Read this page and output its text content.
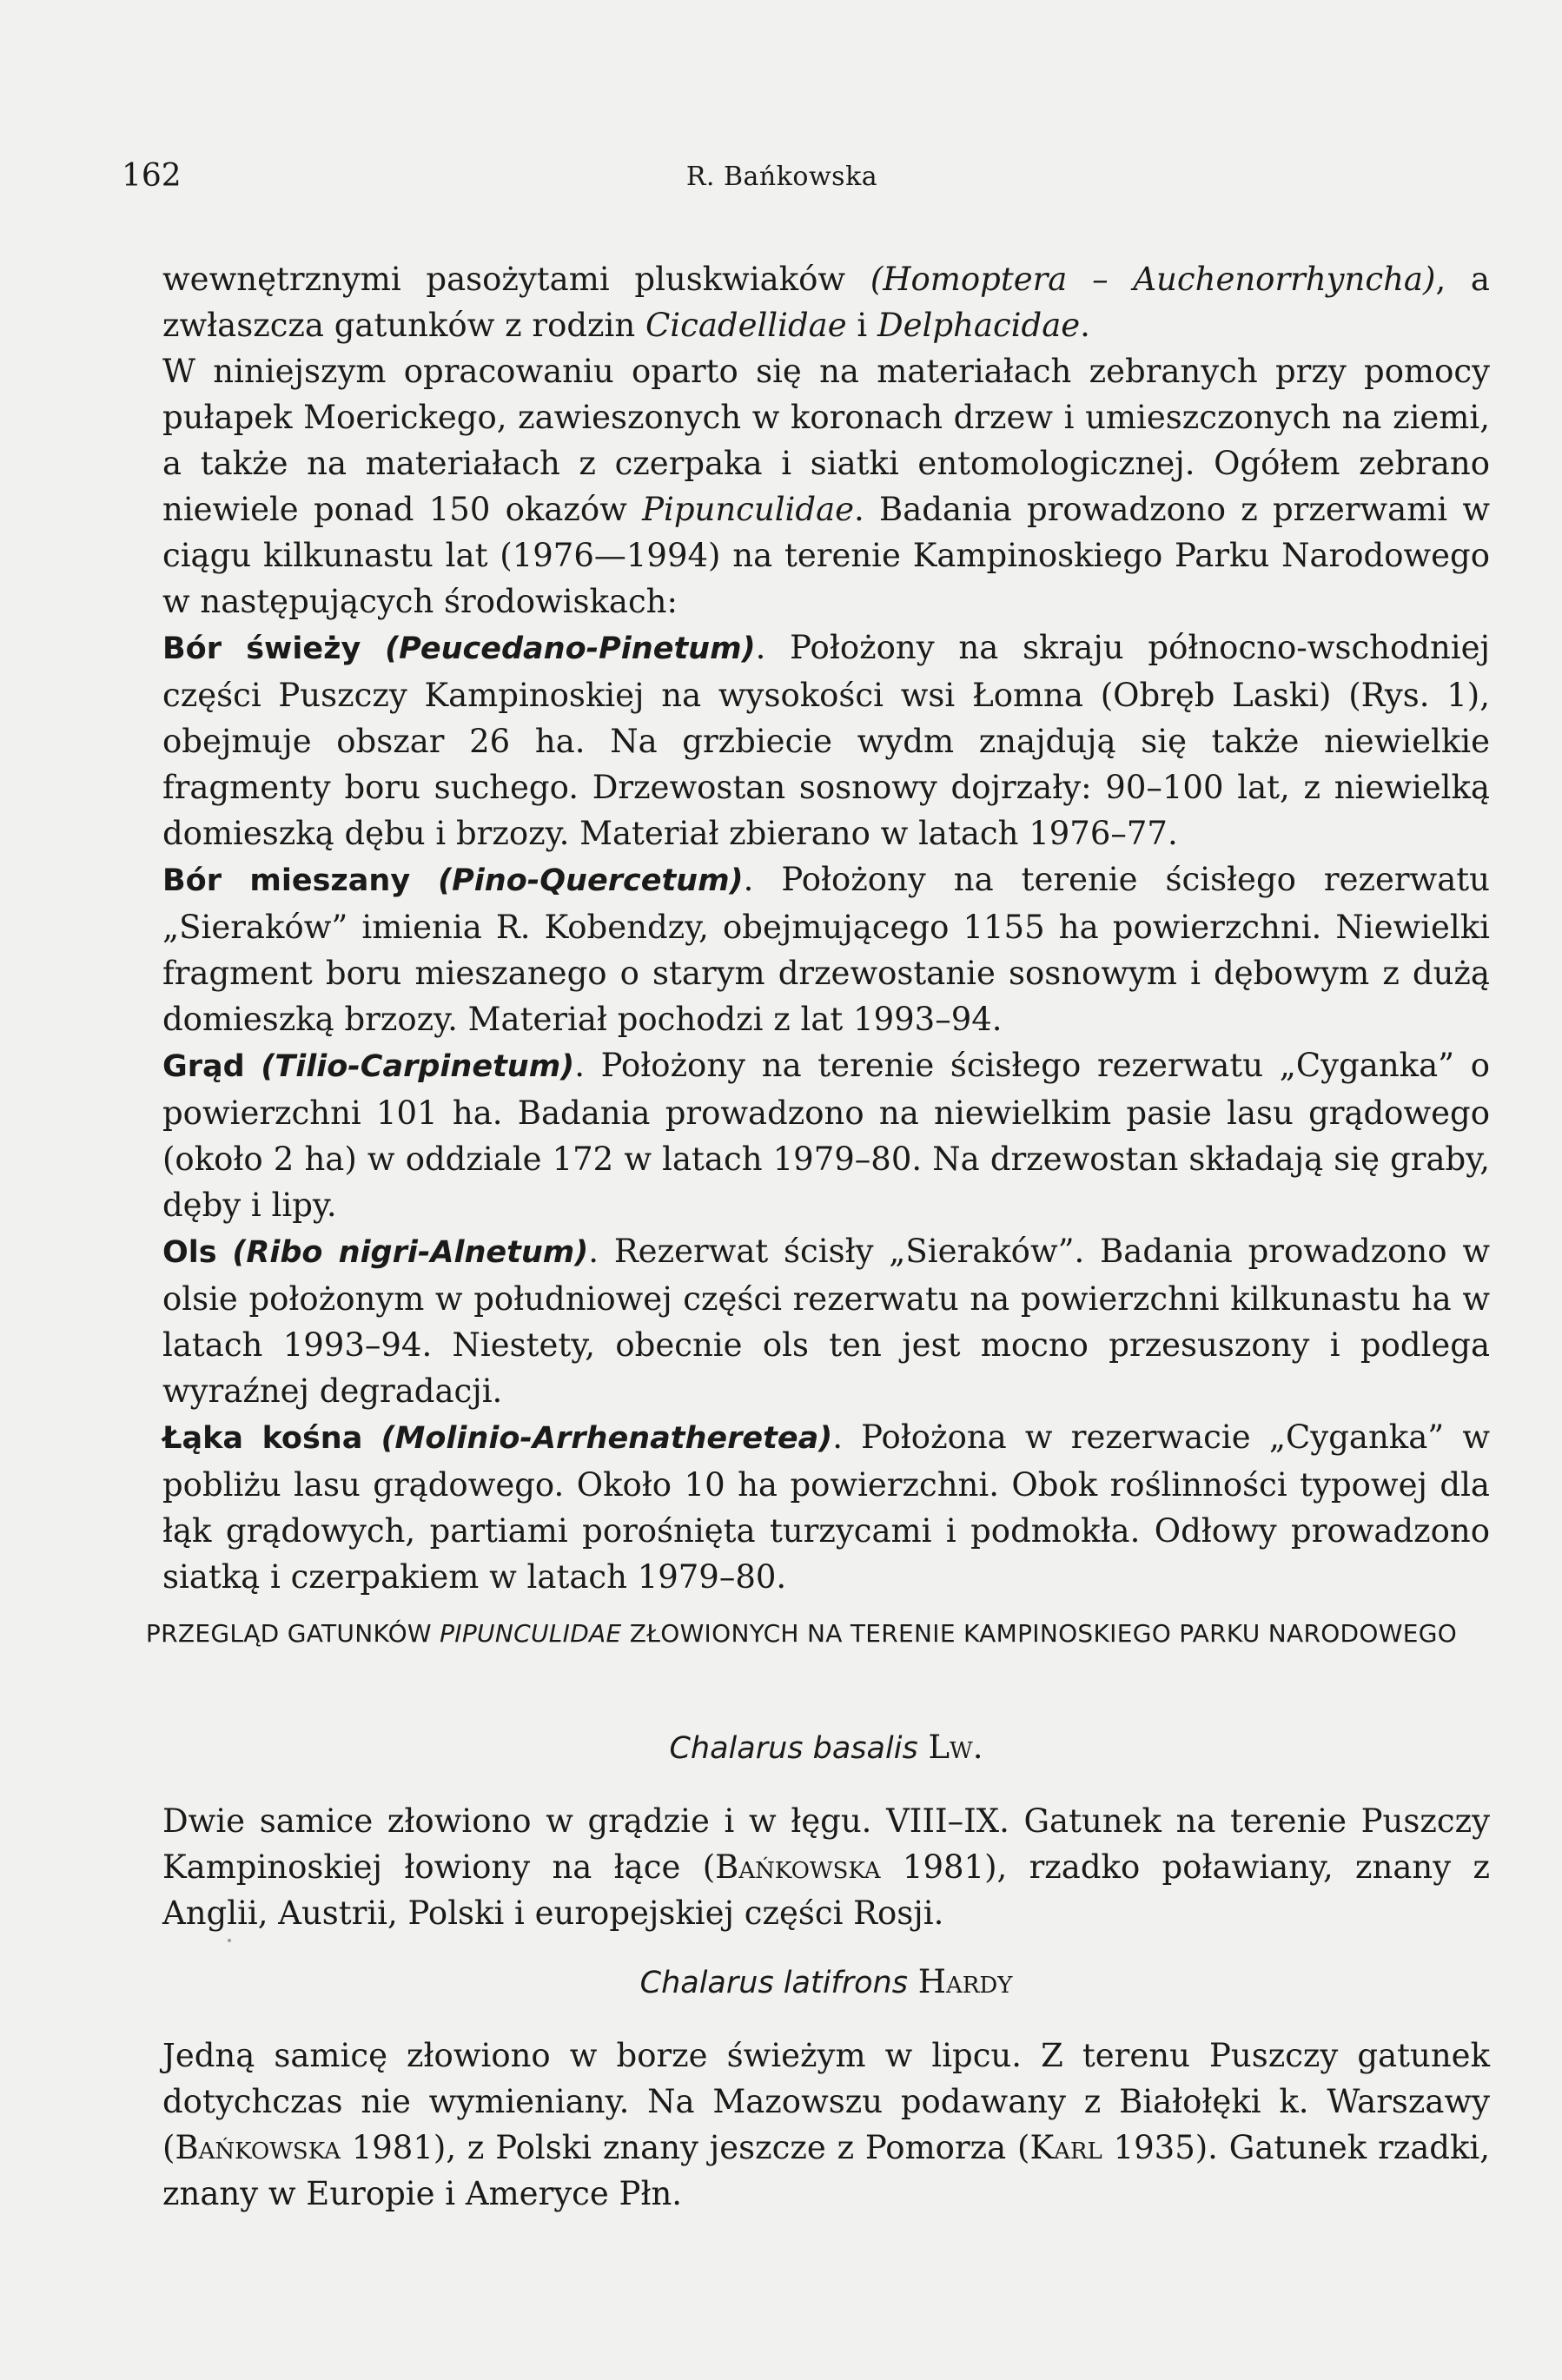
162	R. Bańkowska

wewnętrznymi pasożytami pluskwiaków (Homoptera – Auchenorrhyncha), a zwłaszcza gatunków z rodzin Cicadellidae i Delphacidae.

W niniejszym opracowaniu oparto się na materiałach zebranych przy pomocy pułapek Moerickego, zawieszonych w koronach drzew i umieszczonych na ziemi, a także na materiałach z czerpaka i siatki entomologicznej. Ogółem zebrano niewiele ponad 150 okazów Pipunculidae. Badania prowadzono z przerwami w ciągu kilkunastu lat (1976—1994) na terenie Kampinoskiego Parku Narodowego w następujących środowiskach:

Bór świeży (Peucedano-Pinetum). Położony na skraju północno-wschodniej części Puszczy Kampinoskiej na wysokości wsi Łomna (Obręb Laski) (Rys. 1), obejmuje obszar 26 ha. Na grzbiecie wydm znajdują się także niewielkie fragmenty boru suchego. Drzewostan sosnowy dojrzały: 90–100 lat, z niewielką domieszką dębu i brzozy. Materiał zbierano w latach 1976–77.

Bór mieszany (Pino-Quercetum). Położony na terenie ścisłego rezerwatu „Sieraków” imienia R. Kobendzy, obejmującego 1155 ha powierzchni. Niewielki fragment boru mieszanego o starym drzewostanie sosnowym i dębowym z dużą domieszką brzozy. Materiał pochodzi z lat 1993–94.

Grąd (Tilio-Carpinetum). Położony na terenie ścisłego rezerwatu „Cyganka” o powierzchni 101 ha. Badania prowadzono na niewielkim pasie lasu grądowego (około 2 ha) w oddziale 172 w latach 1979–80. Na drzewostan składają się graby, dęby i lipy.

Ols (Ribo nigri-Alnetum). Rezerwat ścisły „Sieraków”. Badania prowadzono w olsie położonym w południowej części rezerwatu na powierzchni kilkunastu ha w latach 1993–94. Niestety, obecnie ols ten jest mocno przesuszony i podlega wyraźnej degradacji.

Łąka kośna (Molinio-Arrhenatheretea). Położona w rezerwacie „Cyganka” w pobliżu lasu grądowego. Około 10 ha powierzchni. Obok roślinności typowej dla łąk grądowych, partiami porośnięta turzycami i podmokła. Odłowy prowadzono siatką i czerpakiem w latach 1979–80.

PRZEGLĄD GATUNKÓW PIPUNCULIDAE ZŁOWIONYCH NA TERENIE KAMPINOSKIEGO PARKU NARODOWEGO

Chalarus basalis Lw.

Dwie samice złowiono w grądzie i w łęgu. VIII–IX. Gatunek na terenie Puszczy Kampinoskiej łowiony na łące (Bańkowska 1981), rzadko poławiany, znany z Anglii, Austrii, Polski i europejskiej części Rosji.

Chalarus latifrons Hardy

Jedną samicę złowiono w borze świeżym w lipcu. Z terenu Puszczy gatunek dotychczas nie wymieniany. Na Mazowszu podawany z Białołęki k. Warszawy (Bańkowska 1981), z Polski znany jeszcze z Pomorza (Karl 1935). Gatunek rzadki, znany w Europie i Ameryce Płn.
